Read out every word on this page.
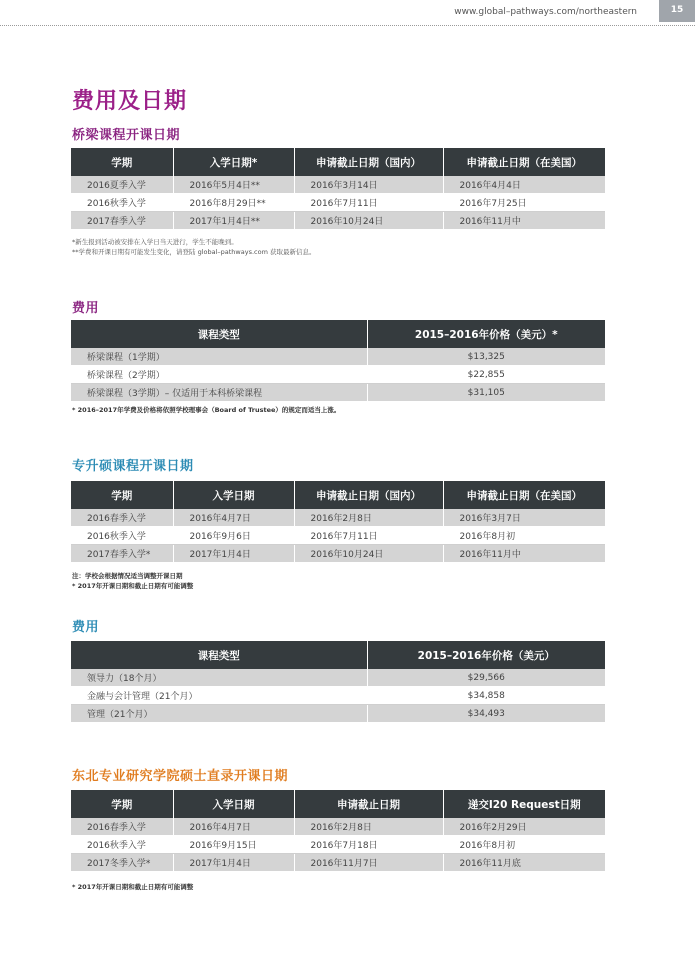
www.global–pathways.com/northeastern	15
费用及日期
桥梁课程开课日期
学期	入学日期*	申请截止日期（国内）	申请截止日期（在美国）
2016夏季入学	2016年5月4日**	2016年3月14日	2016年4月4日
2016秋季入学	2016年8月29日**	2016年7月11日	2016年7月25日
2017春季入学	2017年1月4日**	2016年10月24日	2016年11月中
*新生报到活动被安排在入学日当天进行，学生不能晚到。
**学费和开课日期有可能发生变化，请登陆 global–pathways.com 获取最新信息。
费用
课程类型	2015–2016年价格（美元）*
桥梁课程（1学期）	$13,325
桥梁课程（2学期）	$22,855
桥梁课程（3学期）– 仅适用于本科桥梁课程	$31,105
* 2016–2017年学费及价格将依照学校理事会（Board of Trustee）的规定而适当上涨。
专升硕课程开课日期
学期	入学日期	申请截止日期（国内）	申请截止日期（在美国）
2016春季入学	2016年4月7日	2016年2月8日	2016年3月7日
2016秋季入学	2016年9月6日	2016年7月11日	2016年8月初
2017春季入学*	2017年1月4日	2016年10月24日	2016年11月中
注：学校会根据情况适当调整开课日期
* 2017年开课日期和截止日期有可能调整
费用
课程类型	2015–2016年价格（美元）
领导力（18个月）	$29,566
金融与会计管理（21个月）	$34,858
管理（21个月）	$34,493
东北专业研究学院硕士直录开课日期
学期	入学日期	申请截止日期	递交I20 Request日期
2016春季入学	2016年4月7日	2016年2月8日	2016年2月29日
2016秋季入学	2016年9月15日	2016年7月18日	2016年8月初
2017冬季入学*	2017年1月4日	2016年11月7日	2016年11月底
* 2017年开课日期和截止日期有可能调整
